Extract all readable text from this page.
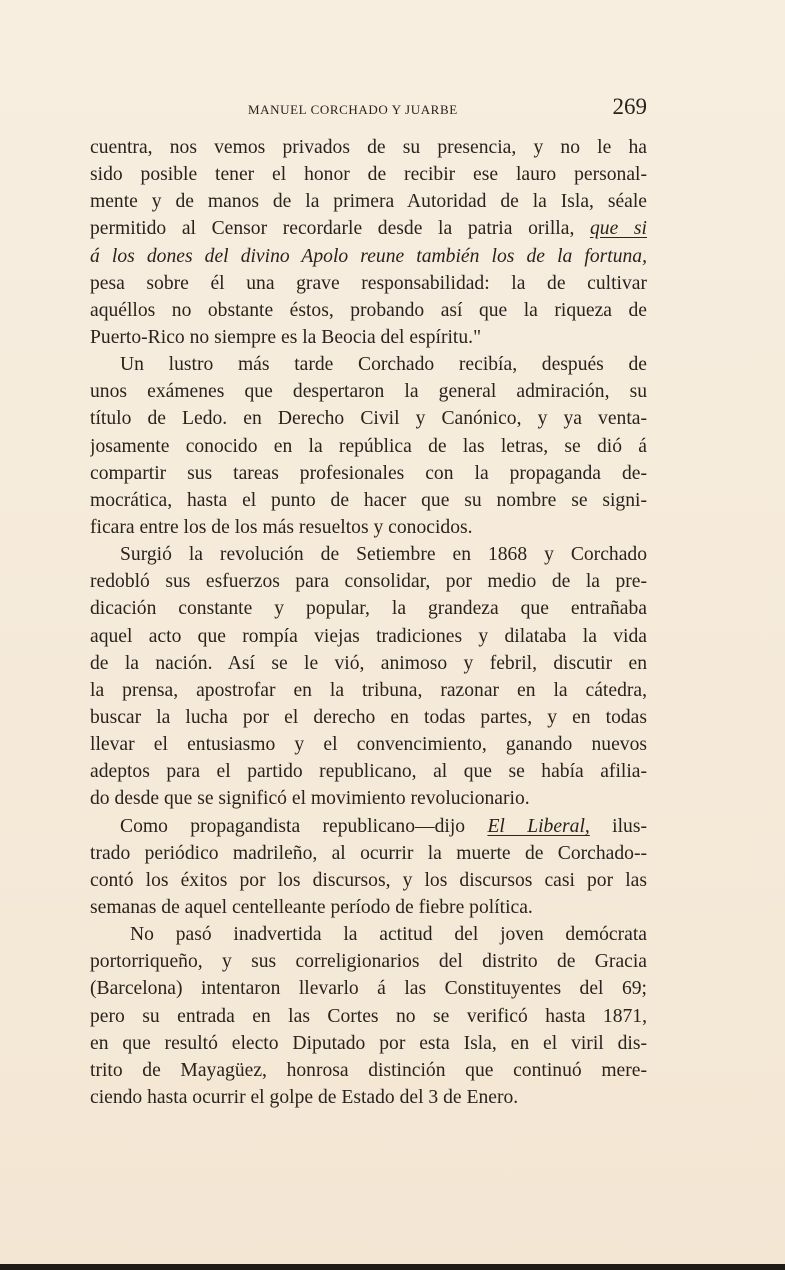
MANUEL CORCHADO Y JUARBE	269
cuentra, nos vemos privados de su presencia, y no le ha
sido posible tener el honor de recibir ese lauro personal-
mente y de manos de la primera Autoridad de la Isla, séale
permitido al Censor recordarle desde la patria orilla, que si
á los dones del divino Apolo reune también los de la fortuna,
pesa sobre él una grave responsabilidad: la de cultivar
aquéllos no obstante éstos, probando así que la riqueza de
Puerto-Rico no siempre es la Beocia del espíritu."
Un lustro más tarde Corchado recibía, después de
unos exámenes que despertaron la general admiración, su
título de Ledo. en Derecho Civil y Canónico, y ya venta-
josamente conocido en la república de las letras, se dió á
compartir sus tareas profesionales con la propaganda de-
mocrática, hasta el punto de hacer que su nombre se signi-
ficara entre los de los más resueltos y conocidos.
Surgió la revolución de Setiembre en 1868 y Corchado
redobló sus esfuerzos para consolidar, por medio de la pre-
dicación constante y popular, la grandeza que entrañaba
aquel acto que rompía viejas tradiciones y dilataba la vida
de la nación. Así se le vió, animoso y febril, discutir en
la prensa, apostrofar en la tribuna, razonar en la cátedra,
buscar la lucha por el derecho en todas partes, y en todas
llevar el entusiasmo y el convencimiento, ganando nuevos
adeptos para el partido republicano, al que se había afilia-
do desde que se significó el movimiento revolucionario.
Como propagandista republicano—dijo El Liberal, ilus-
trado periódico madrileño, al ocurrir la muerte de Corchado--
contó los éxitos por los discursos, y los discursos casi por las
semanas de aquel centelleante período de fiebre política.
No pasó inadvertida la actitud del joven demócrata
portorriqueño, y sus correligionarios del distrito de Gracia
(Barcelona) intentaron llevarlo á las Constituyentes del 69;
pero su entrada en las Cortes no se verificó hasta 1871,
en que resultó electo Diputado por esta Isla, en el viril dis-
trito de Mayagüez, honrosa distinción que continuó mere-
ciendo hasta ocurrir el golpe de Estado del 3 de Enero.
